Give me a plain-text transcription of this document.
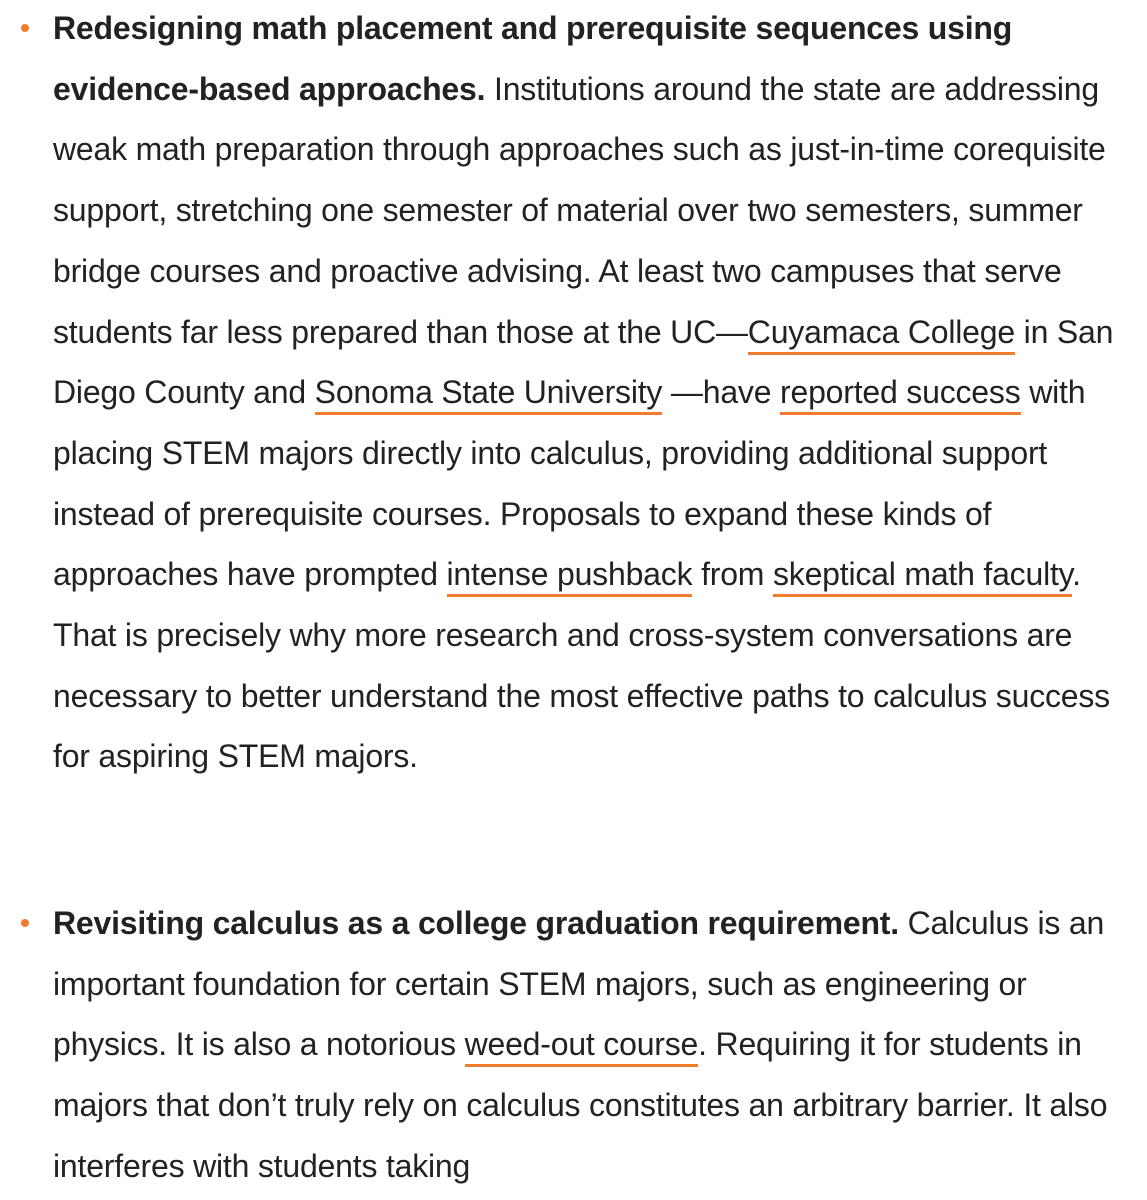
Redesigning math placement and prerequisite sequences using evidence-based approaches. Institutions around the state are addressing weak math preparation through approaches such as just-in-time corequisite support, stretching one semester of material over two semesters, summer bridge courses and proactive advising. At least two campuses that serve students far less prepared than those at the UC—Cuyamaca College in San Diego County and Sonoma State University —have reported success with placing STEM majors directly into calculus, providing additional support instead of prerequisite courses. Proposals to expand these kinds of approaches have prompted intense pushback from skeptical math faculty. That is precisely why more research and cross-system conversations are necessary to better understand the most effective paths to calculus success for aspiring STEM majors.
Revisiting calculus as a college graduation requirement. Calculus is an important foundation for certain STEM majors, such as engineering or physics. It is also a notorious weed-out course. Requiring it for students in majors that don’t truly rely on calculus constitutes an arbitrary barrier. It also interferes with students taking
